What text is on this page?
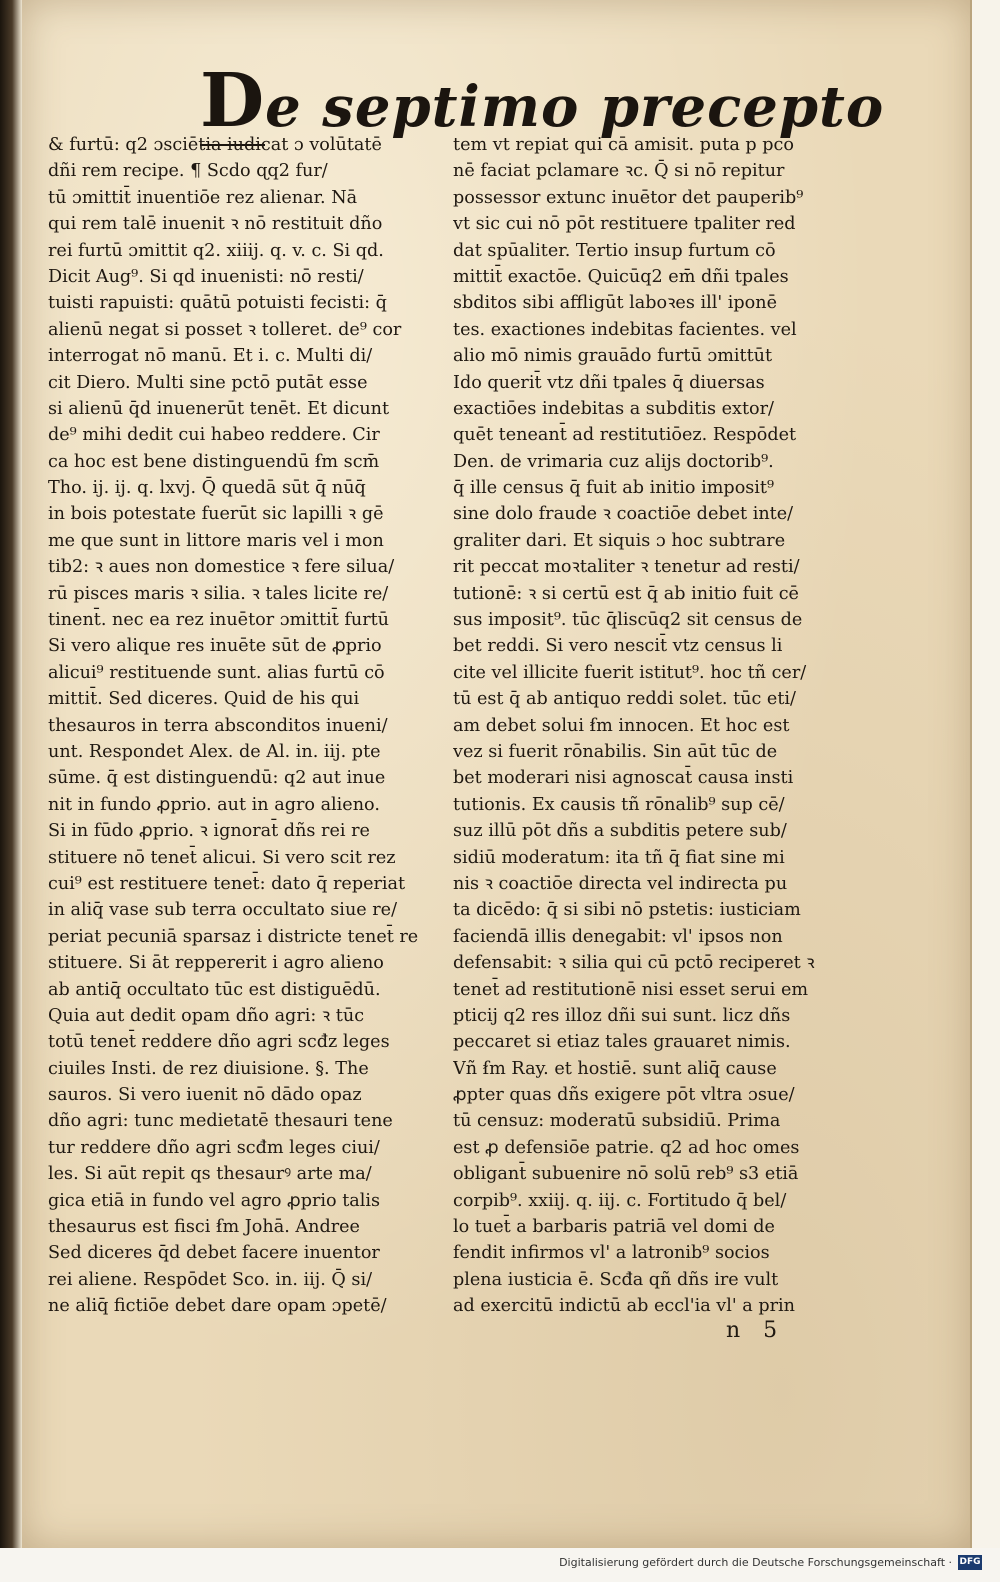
De septimo precepto
& furtū: q2 ɔsciētia iudicat ɔ volūtatē
dñi rem recipe. ¶ Scdo ɋq2 fur/
tū ɔmittit̄ inuentiōe rez alienar. Nā
qui rem talē inuenit ꝛ nō restituit dño
rei furtū ɔmittit q2. xiiij. q. v. c. Si qd.
Dicit Aug⁹. Si qd inuenisti: nō resti/
tuisti rapuisti: quātū potuisti fecisti: q̄
alienū negat si posset ꝛ tolleret. de⁹ cor
interrogat nō manū. Et i. c. Multi di/
cit Diero. Multi sine pctō putāt esse
si alienū q̄d inuenerūt tenēt. Et dicunt
de⁹ mihi dedit cui habeo reddere. Cir
ca hoc est bene distinguendū ẜm scm̄
Tho. ij. ij. q. lxvj. Q̄ quedā sūt q̄ nūq̄
in bois potestate fuerūt sic lapilli ꝛ gē
me que sunt in littore maris vel i mon
tib2: ꝛ aues non domestice ꝛ fere silua/
rū pisces maris ꝛ silia. ꝛ tales licite re/
tinent̄. nec ea rez inuētor ɔmittit̄ furtū
Si vero alique res inuēte sūt de ꝓprio
alicui⁹ restituende sunt. alias furtū cō
mittit̄. Sed diceres. Quid de his qui
thesauros in terra absconditos inueni/
unt. Respondet Alex. de Al. in. iij. pte
sūme. q̄ est distinguendū: q2 aut inue
nit in fundo ꝓprio. aut in agro alieno.
Si in fūdo ꝓprio. ꝛ ignorat̄ dñs rei re
stituere nō tenet̄ alicui. Si vero scit rez
cui⁹ est restituere tenet̄: dato q̄ reperiat
in aliq̄ vase sub terra occultato siue re/
periat pecuniā sparsaz i districte tenet̄ re
stituere. Si āt reppererit i agro alieno
ab antiq̄ occultato tūc est distiguēdū.
Quia aut dedit opam dño agri: ꝛ tūc
totū tenet̄ reddere dño agri scđz leges
ciuiles Insti. de rez diuisione. §. The
sauros. Si vero iuenit nō dādo opaz
dño agri: tunc medietatē thesauri tene
tur reddere dño agri scđm leges ciui/
les. Si aūt repit qs thesaurꝰ arte ma/
gica etiā in fundo vel agro ꝓprio talis
thesaurus est fisci ẜm Johā. Andree
Sed diceres q̄d debet facere inuentor
rei aliene. Respōdet Sco. in. iij. Q̄ si/
ne aliq̄ fictiōe debet dare opam ɔpetē/
tem vt repiat qui cā amisit. puta p pco
nē faciat pclamare ꝛc. Q̄ si nō repitur
possessor extunc inuētor det pauperib⁹
vt sic cui nō pōt restituere tpaliter red
dat spūaliter. Tertio insup furtum cō
mittit̄ exactōe. Quicūq2 em̄ dñi tpales
sbditos sibi affligūt laboꝛes ill' iponē
tes. exactiones indebitas facientes. vel
alio mō nimis grauādo furtū ɔmittūt
Ido querit̄ vtz dñi tpales q̄ diuersas
exactiōes indebitas a subditis extor/
quēt teneant̄ ad restitutiōez. Respōdet
Den. de vrimaria cuz alijs doctorib⁹.
q̄ ille census q̄ fuit ab initio imposit⁹
sine dolo fraude ꝛ coactiōe debet inte/
graliter dari. Et siquis ɔ hoc subtrare
rit peccat moꝛtaliter ꝛ tenetur ad resti/
tutionē: ꝛ si certū est q̄ ab initio fuit cē
sus imposit⁹. tūc q̄liscūq2 sit census de
bet reddi. Si vero nescit̄ vtz census li
cite vel illicite fuerit istitut⁹. hoc tñ cer/
tū est q̄ ab antiquo reddi solet. tūc eti/
am debet solui ẜm innocen. Et hoc est
vez si fuerit rōnabilis. Sin aūt tūc de
bet moderari nisi agnoscat̄ causa insti
tutionis. Ex causis tñ rōnalib⁹ sup cē/
suz illū pōt dñs a subditis petere sub/
sidiū moderatum: ita tñ q̄ fiat sine mi
nis ꝛ coactiōe directa vel indirecta pu
ta dicēdo: q̄ si sibi nō pstetis: iusticiam
faciendā illis denegabit: vl' ipsos non
defensabit: ꝛ silia qui cū pctō reciperet ꝛ
tenet̄ ad restitutionē nisi esset serui em
pticij q2 res illoz dñi sui sunt. licz dñs
peccaret si etiaz tales grauaret nimis.
Vñ ẜm Ray. et hostiē. sunt aliq̄ cause
ꝓpter quas dñs exigere pōt vltra ɔsue/
tū censuz: moderatū subsidiū. Prima
est ꝓ defensiōe patrie. q2 ad hoc omes
obligant̄ subuenire nō solū reb⁹ s3 etiā
corpib⁹. xxiij. q. iij. c. Fortitudo q̄ bel/
lo tuet̄ a barbaris patriā vel domi de
fendit infirmos vl' a latronib⁹ socios
plena iusticia ē. Scđa qñ dñs ire vult
ad exercitū indictū ab eccl'ia vl' a prin
n 5
Digitalisierung gefördert durch die Deutsche Forschungsgemeinschaft · DFG
